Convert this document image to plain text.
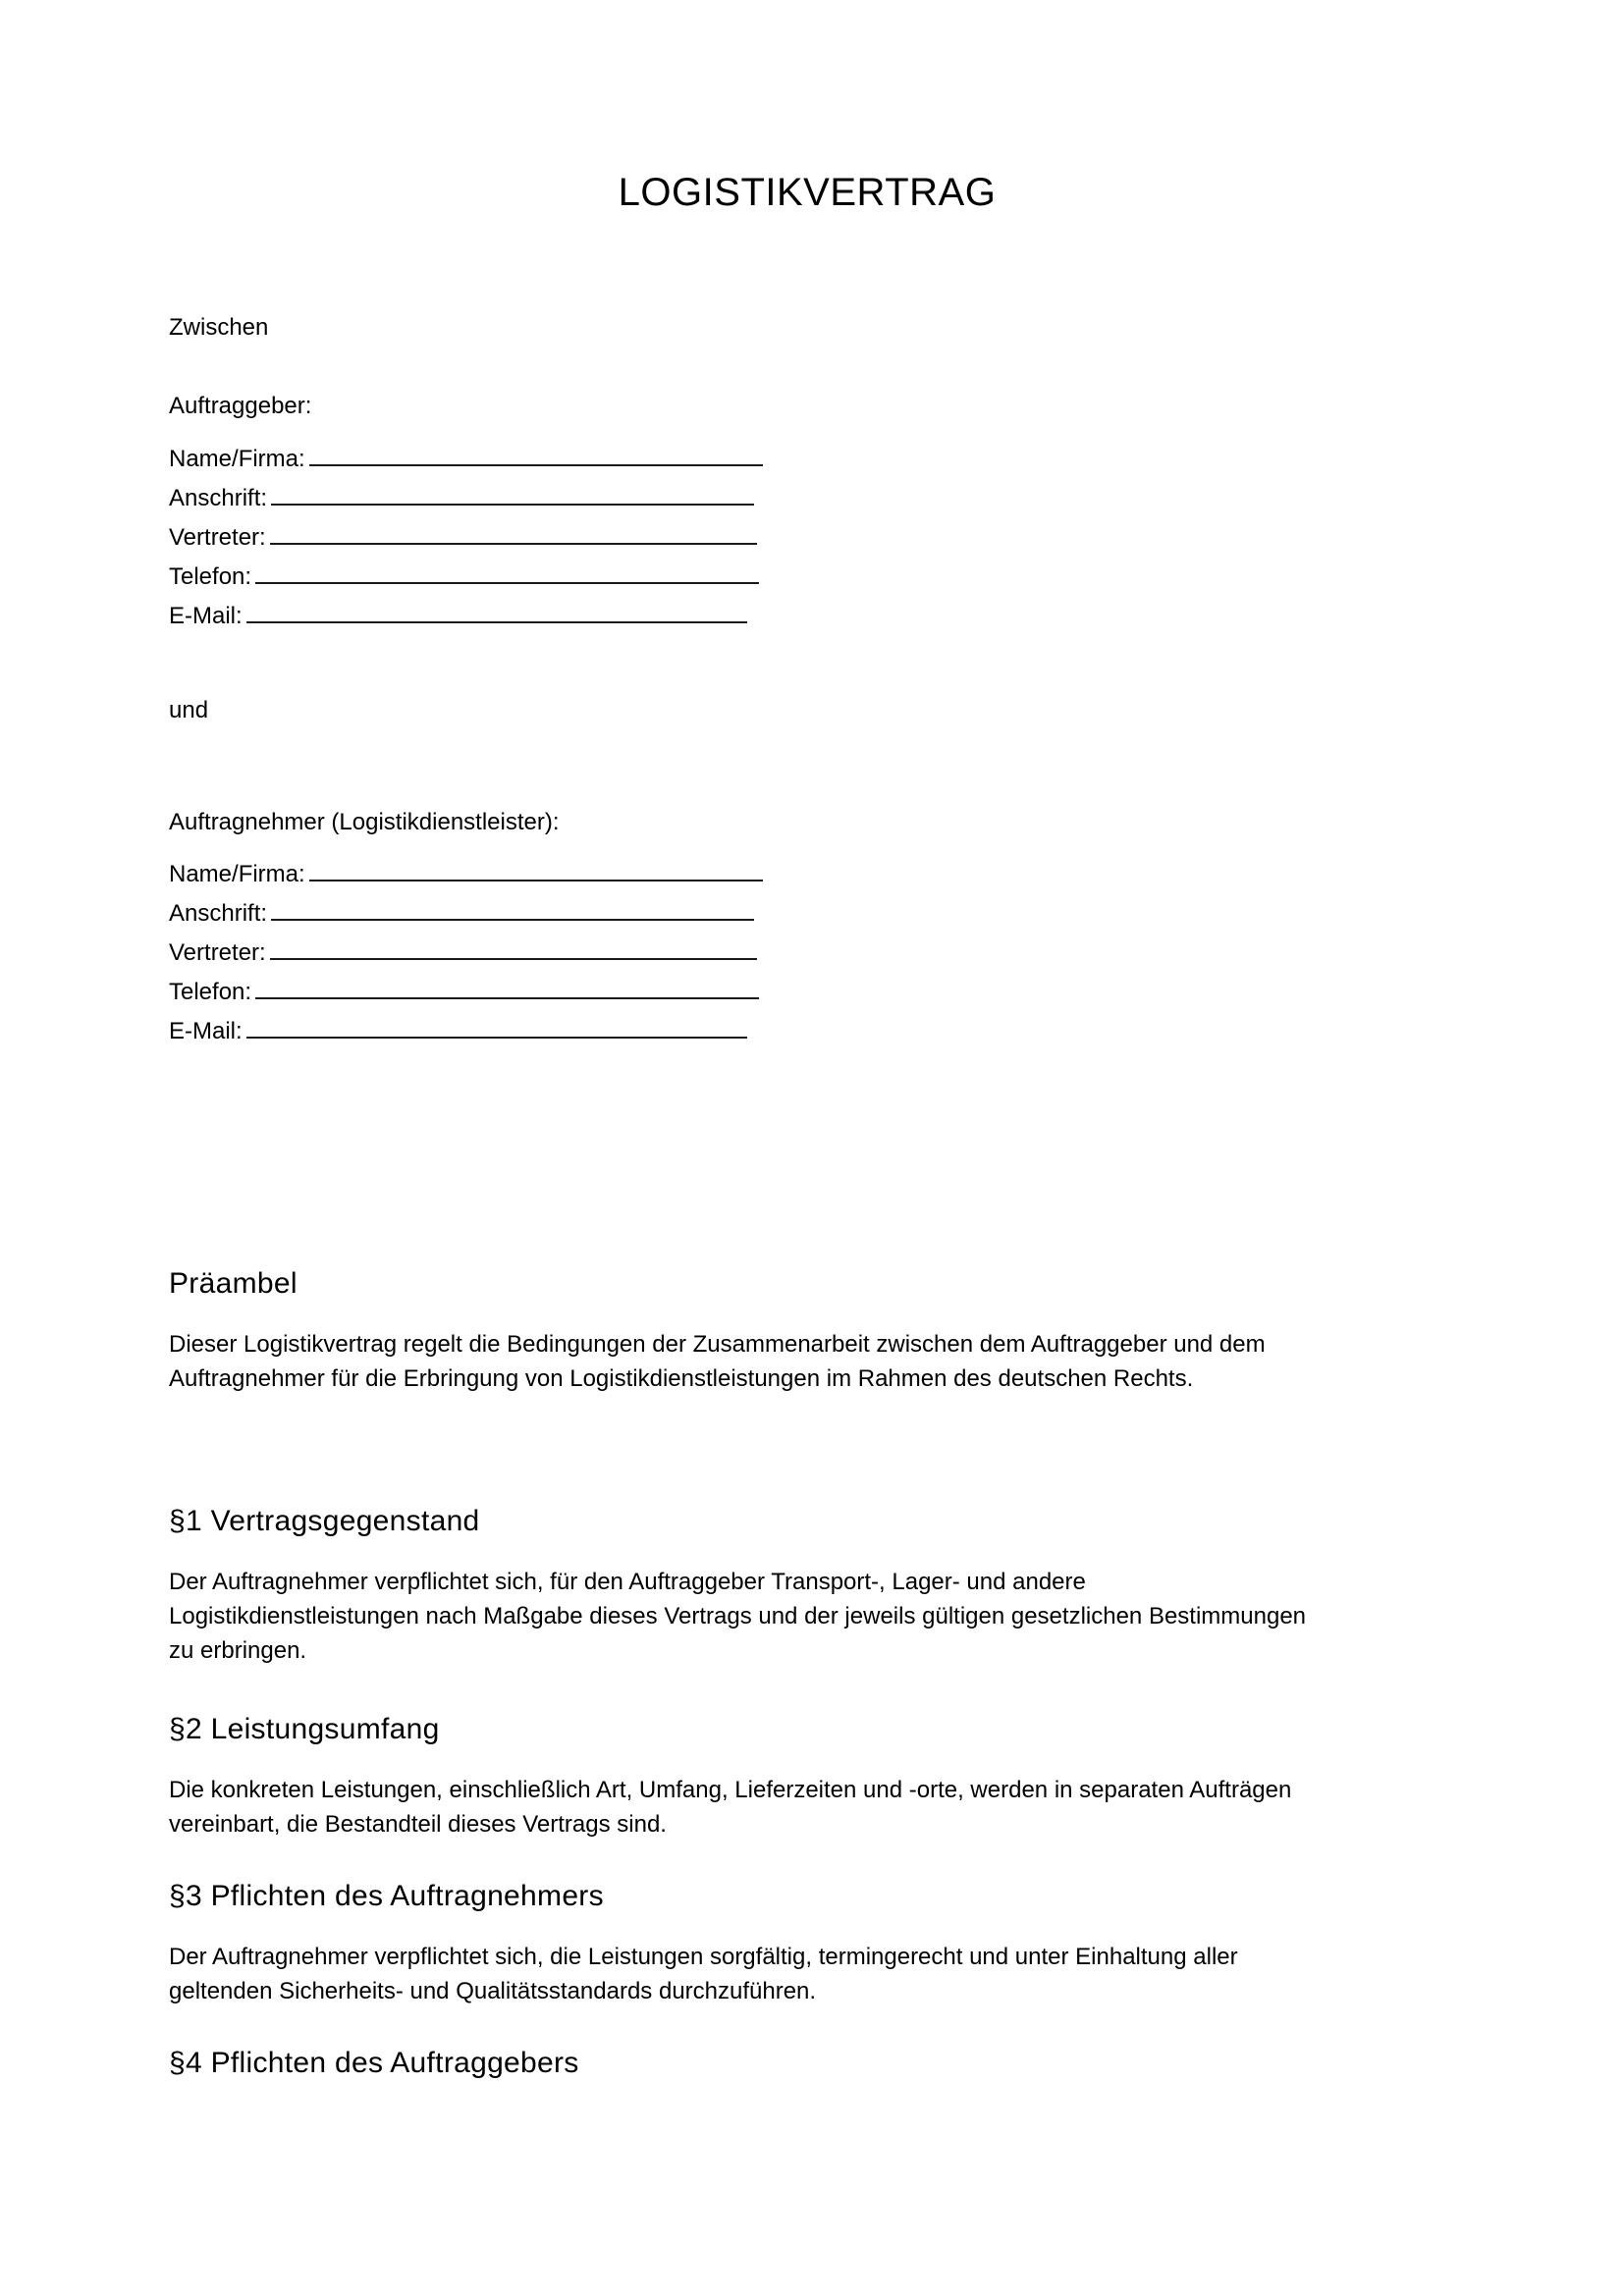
LOGISTIKVERTRAG
Zwischen
Auftraggeber:
Name/Firma:
Anschrift:
Vertreter:
Telefon:
E-Mail:
und
Auftragnehmer (Logistikdienstleister):
Name/Firma:
Anschrift:
Vertreter:
Telefon:
E-Mail:
Präambel

Dieser Logistikvertrag regelt die Bedingungen der Zusammenarbeit zwischen dem Auftraggeber und dem Auftragnehmer für die Erbringung von Logistikdienstleistungen im Rahmen des deutschen Rechts.

§1 Vertragsgegenstand

Der Auftragnehmer verpflichtet sich, für den Auftraggeber Transport-, Lager- und andere Logistikdienstleistungen nach Maßgabe dieses Vertrags und der jeweils gültigen gesetzlichen Bestimmungen zu erbringen.

§2 Leistungsumfang

Die konkreten Leistungen, einschließlich Art, Umfang, Lieferzeiten und -orte, werden in separaten Aufträgen vereinbart, die Bestandteil dieses Vertrags sind.

§3 Pflichten des Auftragnehmers

Der Auftragnehmer verpflichtet sich, die Leistungen sorgfältig, termingerecht und unter Einhaltung aller geltenden Sicherheits- und Qualitätsstandards durchzuführen.

§4 Pflichten des Auftraggebers
